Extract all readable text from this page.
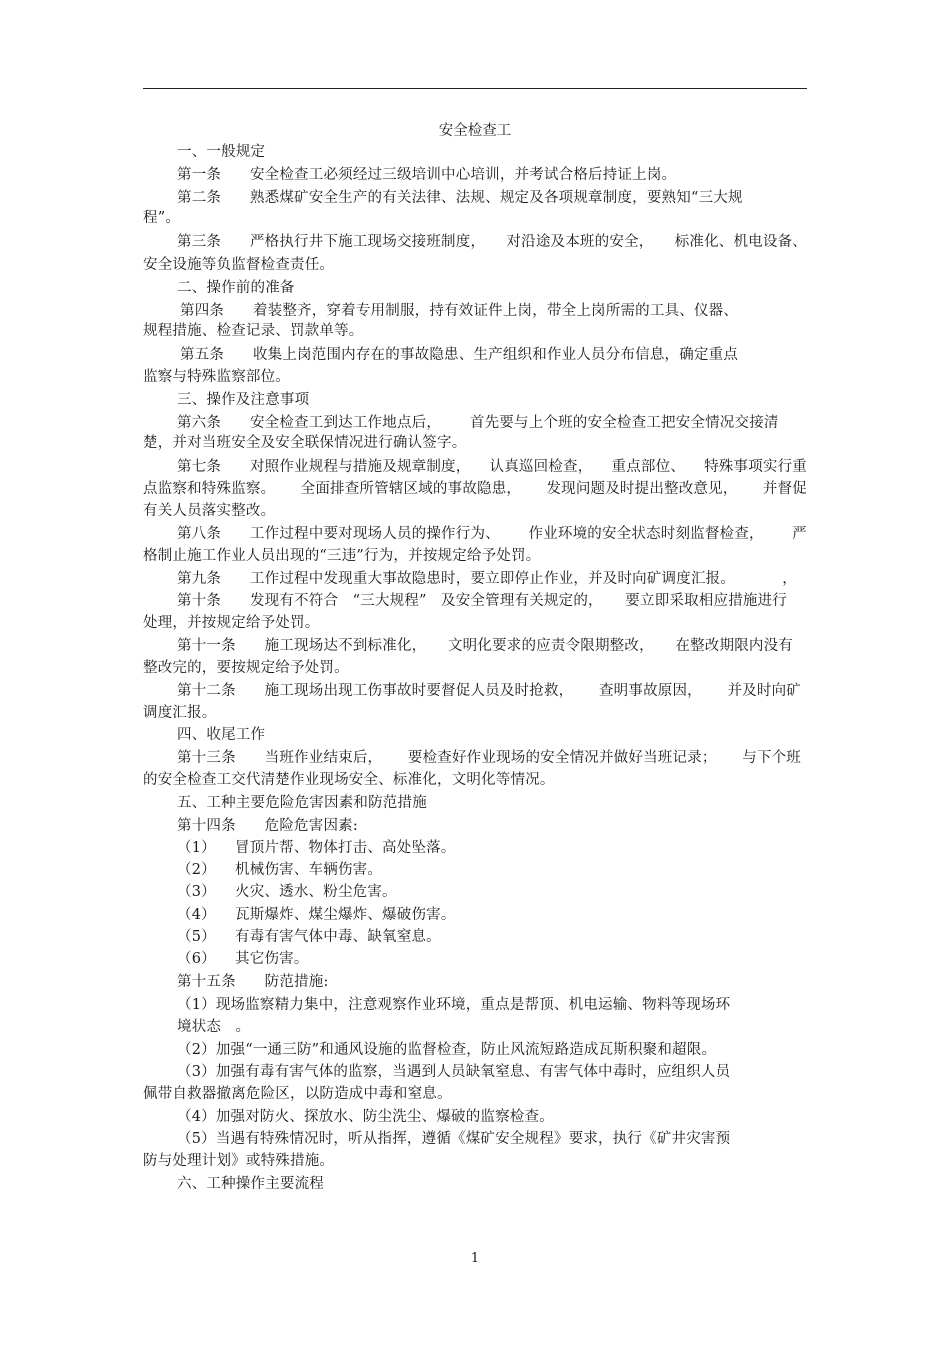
安全检查工
一、一般规定
第一条      安全检查工必须经过三级培训中心培训，并考试合格后持证上岗。
第二条      熟悉煤矿安全生产的有关法律、法规、规定及各项规章制度，要熟知“三大规
程”。
第三条      严格执行井下施工现场交接班制度， 对沿途及本班的安全， 标准化、机电设备、
安全设施等负监督检查责任。
二、操作前的准备
第四条      着装整齐，穿着专用制服，持有效证件上岗，带全上岗所需的工具、仪器、
规程措施、检查记录、罚款单等。
第五条      收集上岗范围内存在的事故隐患、生产组织和作业人员分布信息，确定重点
监察与特殊监察部位。
三、操作及注意事项
第六条      安全检查工到达工作地点后，      首先要与上个班的安全检查工把安全情况交接清
楚，并对当班安全及安全联保情况进行确认签字。
第七条      对照作业规程与措施及规章制度， 认真巡回检查， 重点部位、 特殊事项实行重
点监察和特殊监察。 全面排查所管辖区域的事故隐患， 发现问题及时提出整改意见， 并督促
有关人员落实整改。
第八条      工作过程中要对现场人员的操作行为、 作业环境的安全状态时刻监督检查， 严
格制止施工作业人员出现的“三违”行为，并按规定给予处罚。
第九条      工作过程中发现重大事故隐患时，要立即停止作业，并及时向矿调度汇报。	，
第十条      发现有不符合   “三大规程”   及安全管理有关规定的， 要立即采取相应措施进行
处理，并按规定给予处罚。
第十一条      施工现场达不到标准化， 文明化要求的应责令限期整改， 在整改期限内没有
整改完的，要按规定给予处罚。
第十二条      施工现场出现工伤事故时要督促人员及时抢救， 查明事故原因， 并及时向矿
调度汇报。
四、收尾工作
第十三条      当班作业结束后， 要检查好作业现场的安全情况并做好当班记录； 与下个班
的安全检查工交代清楚作业现场安全、标准化，文明化等情况。
五、工种主要危险危害因素和防范措施
第十四条      危险危害因素:
（1）    冒顶片帮、物体打击、高处坠落。
（2）    机械伤害、车辆伤害。
（3）    火灾、透水、粉尘危害。
（4）    瓦斯爆炸、煤尘爆炸、爆破伤害。
（5）    有毒有害气体中毒、缺氧窒息。
（6）    其它伤害。
第十五条      防范措施:
（1）现场监察精力集中，注意观察作业环境，重点是帮顶、机电运输、物料等现场环
境状态   。
（2）加强“一通三防”和通风设施的监督检查，防止风流短路造成瓦斯积聚和超限。
（3）加强有毒有害气体的监察，当遇到人员缺氧窒息、有害气体中毒时，应组织人员
佩带自救器撤离危险区，以防造成中毒和窒息。
（4）加强对防火、探放水、防尘洗尘、爆破的监察检查。
（5）当遇有特殊情况时，听从指挥，遵循《煤矿安全规程》要求，执行《矿井灾害预
防与处理计划》或特殊措施。
六、工种操作主要流程
1
